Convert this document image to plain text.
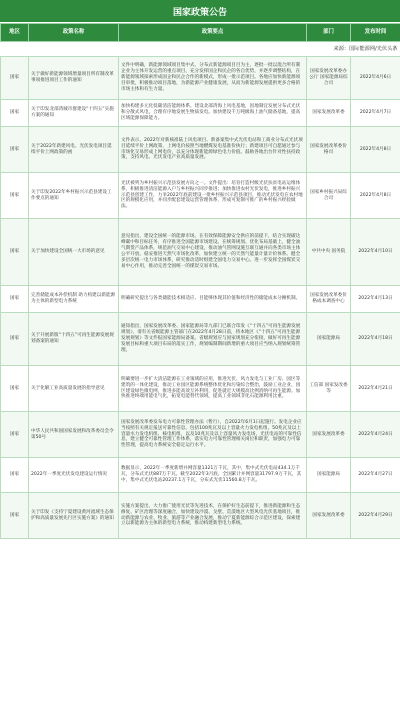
国家政策公告
地区	政策名称	政策要点	部门	发布时间
来源：国际能源网/光伏头条				
国家	关于做好新能源领域增量项目所有制改革事项推进项目工作的通知	文件中明确，新能源领域项目集中式、分布式新能源项目目为主，逐批一批以混合所有制企业为主体开发运营的重点项目，充分发挥国企和民企的各自优势，并逐步调整结构，在新能源领域探索形成国企和民企合作的新模式，形成一批示范项目。各地应加快新能源项目审批，积极推动项目落地，为新能源产业健康发展，从而为新能源发展提供更多合格的市场主体和有生力量。	国家发展改革委办公厅 国家能源局综合司	2022年4月6日
国家	关于印发北部湾城市群建设“十四五”实施方案的通知	加快构建多元化低碳清洁能源体系。建设北部湾海上风电基地，因地制宜发展分布式光伏和分散式风电，合理有序地发展生物质发电。加快建设千万吨级海上油气储备基地，提高区域能源保障能力。	国家发展改革委	2022年4月7日
国家	关于2022年新建风电、光伏发电项目延续平价上网政策的函	文件表示，2022年对新核准陆上风电项目、新备案集中式光伏电站和工商业分布式光伏项目延续平价上网政策，上网电价按照当地燃煤发电基准价执行；新建项目可自愿通过参与市场化交易形成上网电价，以充分体现新能源绿色电力价值。鼓励各地出台针对性扶持政策，支持风电、光伏发电产业高质量发展。	国家发展改革委价格司	2022年4月8日
国家	关于印发2022年乡村振兴示范县建设工作要点的通知	光伏被列为乡村振兴示范县发展方向之一。文件提出：培育打造村级光伏扶贫电站运维体系，积极推进清洁能源入户与乡村振兴同步推进；加快推进农村光伏发电，推进乡村振兴示范县创建工作，力争2022年底前建设一批乡村振兴示范县项目，推动光伏发电在农村地区的规模化应用，并同步配套建设运营管理体系，形成可复制可推广的乡村振兴经验做法。	国家乡村振兴局综合司	2022年4月8日
国家	关于加快建设全国统一大市场的意见	意见指出，建设全国统一的能源市场。在有效保障能源安全供应的前提下，结合实现碳达峰碳中和目标任务，有序推进全国能源市场建设。在统筹规划、优化布局基础上，健全油气期货产品体系，规范油气交易中心建设，推动油气管网设施互联互通并向各类市场主体公平开放。稳妥推进天然气市场化改革，加快建立统一的天然气能量计量计价体系。健全多层次统一电力市场体系，研究推动适时组建全国电力交易中心。进一步发挥全国煤炭交易中心作用，推动完善全国统一的煤炭交易市场。	中共中央 国务院	2022年4月10日
国家	完善储能成本补偿机制 助力构建以新能源为主体的新型电力系统	明确研究提出与各类储能技术相适应、目能够体现其价值和经济性的储能成本分摊机制。	国家发展改革委价格成本调查中心	2022年4月13日
国家	关于开展新版“十四五”可再生能源发展规划备案的通知	通知指出，国家发展改革委、国家能源局等九部门已联合印发《“十四五”可再生能源发展规划》，请有关省级能源主管部门在2022年4月28日前，将本地区《“十四五”可再生能源发展规划》等文件报国家能源局备案。省级规划应与国家规划充分衔接，做好可再生能源发展目标和重大项目布局的落实工作，规划编制期间新增的重大项目应当纳入规划统筹管理。	国家能源局	2022年4月18日
国家	关于化解工业高质量发展的指导意见	明确要进一步扩大清洁能源在工业领域的应用，推进光伏、风力发电与工业厂房、园区等建筑的一体化建设，推动工业园区能源系统整体优化和污染综合整治，鼓励工业企业、园区建设绿色微电网，推进多能高效互补利用，促进就近大规模高比例消纳可再生能源。加快推进终端用能电气化，拓宽电能替代领域，提高工业领域非化石能源利用比重。	工信部 国家发改委等	2022年4月21日
国家	中华人民共和国国家发展和改革委员会令第50号	国家发展改革委发布电力可靠性管理办法（暂行），自2022年6月1日起施行。发电企业应当按照有关规定报送可靠性信息，包括100兆瓦及以上容量火力发电机组、50兆瓦及以上容量水力发电机组、核电机组，以及10兆瓦及以上容量风力发电场、光伏电站的可靠性信息，建立健全可靠性管理工作体系，落实电力可靠性管理相关岗位和职责，加强电力可靠性管理，提高电力系统安全稳定运行水平。	国家发展改革委	2022年4月24日
国家	2022年一季度光伏发电建设运行情况	数据显示，2022年一季度新增并网容量1321万千瓦，其中，集中式光伏电站434.1万千瓦，分布式光伏887万千瓦。截至2022年3月底，全国累计并网容量31797.9万千瓦，其中，集中式光伏电站20237.1万千瓦，分布式光伏11560.8万千瓦。	国家能源局	2022年4月27日
国家	关于印发《支持宁夏建设黄河流域生态保护和高质量发展先行区实施方案》的通知	实施方案提出，大力推广使用光伏等先进技术，在保护好生态前提下，推进新能源和生态修复、矿区治理等深度融合，加快建设沙漠、戈壁、荒漠地区大型风电光伏基地项目，推动新能源与农业、牧业、旅游等产业融合发展，推动宁夏新能源综合示范区建设，探索建立以新能源为主体的新型电力系统，推动构建新型电力系统。	国家发展改革委	2022年4月29日
